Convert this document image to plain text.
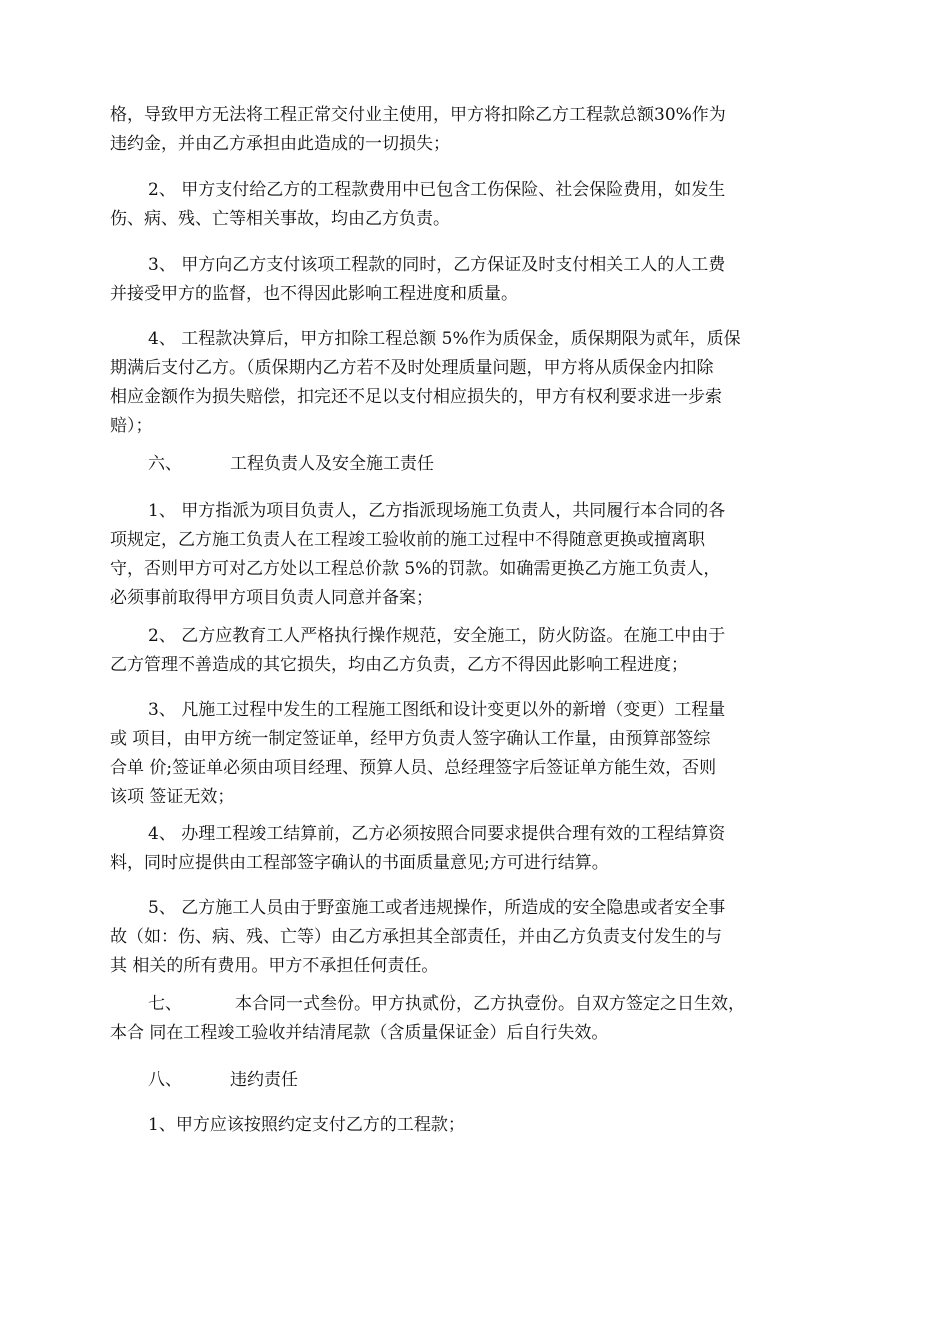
格，导致甲方无法将工程正常交付业主使用，甲方将扣除乙方工程款总额30%作为
违约金，并由乙方承担由此造成的一切损失；

2、 甲方支付给乙方的工程款费用中已包含工伤保险、社会保险费用，如发生
伤、病、残、亡等相关事故，均由乙方负责。

3、 甲方向乙方支付该项工程款的同时，乙方保证及时支付相关工人的人工费
并接受甲方的监督，也不得因此影响工程进度和质量。

4、 工程款决算后，甲方扣除工程总额 5%作为质保金，质保期限为贰年，质保
期满后支付乙方。（质保期内乙方若不及时处理质量问题，甲方将从质保金内扣除
相应金额作为损失赔偿，扣完还不足以支付相应损失的，甲方有权利要求进一步索
赔）；

六、	工程负责人及安全施工责任

1、 甲方指派为项目负责人，乙方指派现场施工负责人，共同履行本合同的各
项规定，乙方施工负责人在工程竣工验收前的施工过程中不得随意更换或擅离职
守，否则甲方可对乙方处以工程总价款 5%的罚款。如确需更换乙方施工负责人，
必须事前取得甲方项目负责人同意并备案；

2、 乙方应教育工人严格执行操作规范，安全施工，防火防盗。在施工中由于
乙方管理不善造成的其它损失，均由乙方负责，乙方不得因此影响工程进度；

3、 凡施工过程中发生的工程施工图纸和设计变更以外的新增（变更）工程量
或 项目，由甲方统一制定签证单，经甲方负责人签字确认工作量，由预算部签综
合单 价;签证单必须由项目经理、预算人员、总经理签字后签证单方能生效，否则
该项 签证无效；

4、 办理工程竣工结算前，乙方必须按照合同要求提供合理有效的工程结算资
料，同时应提供由工程部签字确认的书面质量意见;方可进行结算。

5、 乙方施工人员由于野蛮施工或者违规操作，所造成的安全隐患或者安全事
故（如：伤、病、残、亡等）由乙方承担其全部责任，并由乙方负责支付发生的与
其 相关的所有费用。甲方不承担任何责任。

七、	本合同一式叁份。甲方执贰份，乙方执壹份。自双方签定之日生效，
本合 同在工程竣工验收并结清尾款（含质量保证金）后自行失效。

八、	违约责任

1、甲方应该按照约定支付乙方的工程款；
